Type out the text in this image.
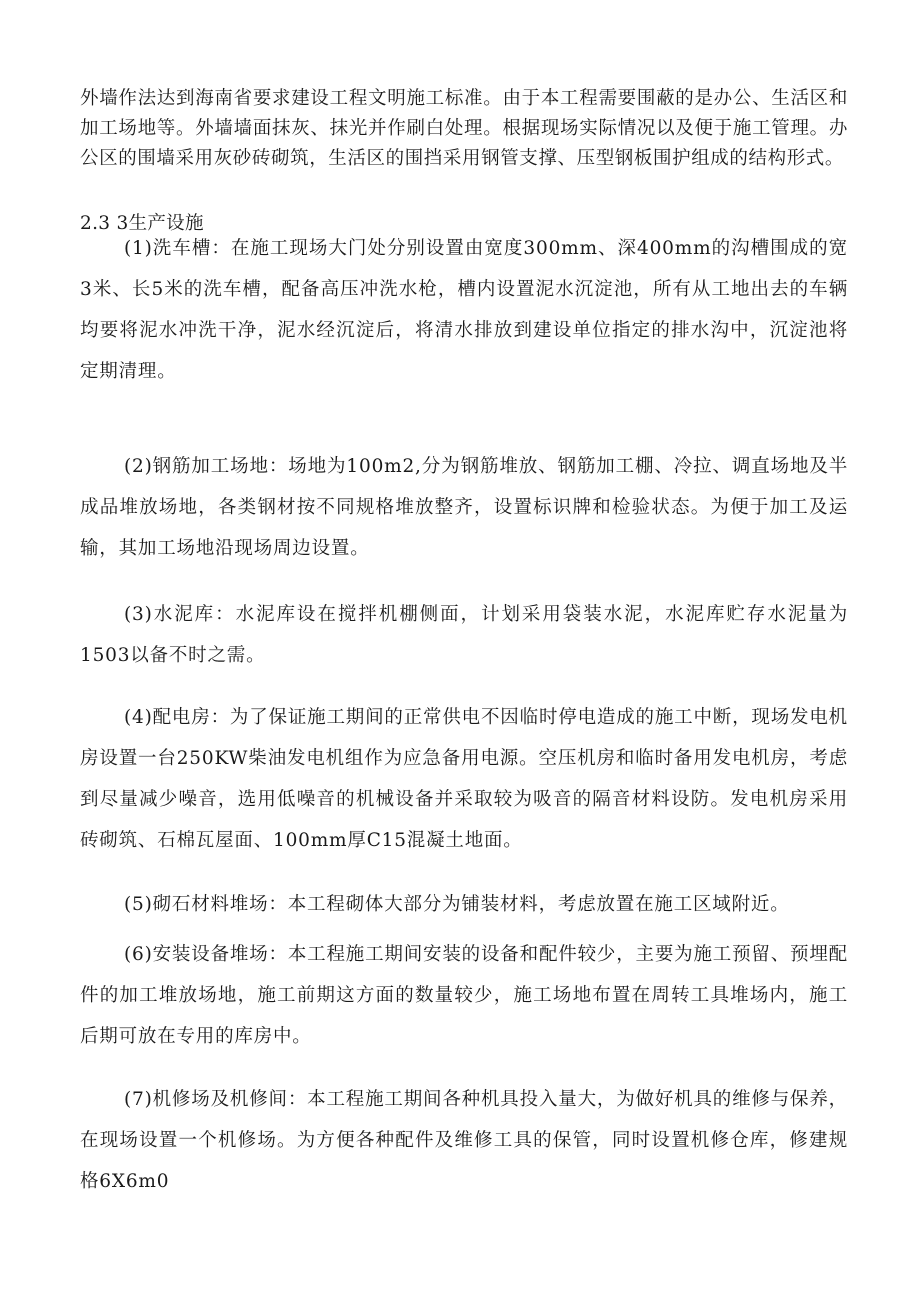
外墙作法达到海南省要求建设工程文明施工标准。由于本工程需要围蔽的是办公、生活区和加工场地等。外墙墙面抹灰、抹光并作刷白处理。根据现场实际情况以及便于施工管理。办公区的围墙采用灰砂砖砌筑，生活区的围挡采用钢管支撑、压型钢板围护组成的结构形式。

2.3 3生产设施

(1)洗车槽：在施工现场大门处分别设置由宽度300mm、深400mm的沟槽围成的宽3米、长5米的洗车槽，配备高压冲洗水枪，槽内设置泥水沉淀池，所有从工地出去的车辆均要将泥水冲洗干净，泥水经沉淀后，将清水排放到建设单位指定的排水沟中，沉淀池将定期清理。

(2)钢筋加工场地：场地为100m2,分为钢筋堆放、钢筋加工棚、冷拉、调直场地及半成品堆放场地，各类钢材按不同规格堆放整齐，设置标识牌和检验状态。为便于加工及运输，其加工场地沿现场周边设置。

(3)水泥库：水泥库设在搅拌机棚侧面，计划采用袋装水泥，水泥库贮存水泥量为1503以备不时之需。

(4)配电房：为了保证施工期间的正常供电不因临时停电造成的施工中断，现场发电机房设置一台250KW柴油发电机组作为应急备用电源。空压机房和临时备用发电机房，考虑到尽量减少噪音，选用低噪音的机械设备并采取较为吸音的隔音材料设防。发电机房采用砖砌筑、石棉瓦屋面、100mm厚C15混凝土地面。

(5)砌石材料堆场：本工程砌体大部分为铺装材料，考虑放置在施工区域附近。

(6)安装设备堆场：本工程施工期间安装的设备和配件较少，主要为施工预留、预埋配件的加工堆放场地，施工前期这方面的数量较少，施工场地布置在周转工具堆场内，施工后期可放在专用的库房中。

(7)机修场及机修间：本工程施工期间各种机具投入量大，为做好机具的维修与保养，在现场设置一个机修场。为方便各种配件及维修工具的保管，同时设置机修仓库，修建规格6X6m0
